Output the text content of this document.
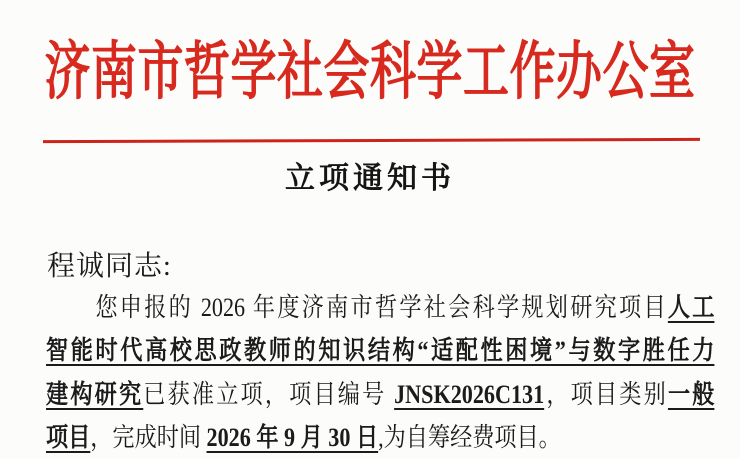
济南市哲学社会科学工作办公室
立项通知书
程诚同志:
您申报的 2026 年度济南市哲学社会科学规划研究项目人工
智能时代高校思政教师的知识结构“适配性困境”与数字胜任力
建构研究已获准立项，项目编号 JNSK2026C131，项目类别一般
项目，完成时间 2026 年 9 月 30 日,为自筹经费项目。
